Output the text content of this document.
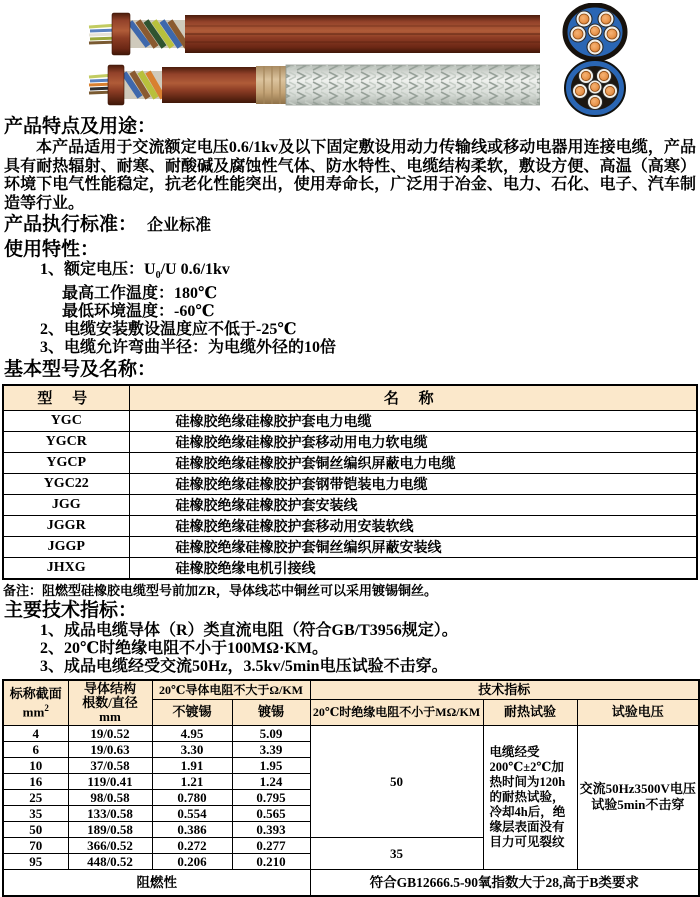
产品特点及用途：
本产品适用于交流额定电压0.6/1kv及以下固定敷设用动力传输线或移动电器用连接电缆，产品具有耐热辐射、耐寒、耐酸碱及腐蚀性气体、防水特性、电缆结构柔软，敷设方便、高温（高寒）环境下电气性能稳定，抗老化性能突出，使用寿命长，广泛用于冶金、电力、石化、电子、汽车制造等行业。
产品执行标准： 企业标准
使用特性：
1、额定电压：$U_0/U$ 0.6/1kv
最高工作温度：180℃
最低环境温度：-60℃
2、电缆安装敷设温度应不低于-25℃
3、电缆允许弯曲半径：为电缆外径的10倍
基本型号及名称：
型 号	名 称
YGC	硅橡胶绝缘硅橡胶护套电力电缆
YGCR	硅橡胶绝缘硅橡胶护套移动用电力软电缆
YGCP	硅橡胶绝缘硅橡胶护套铜丝编织屏蔽电力电缆
YGC22	硅橡胶绝缘硅橡胶护套钢带铠装电力电缆
JGG	硅橡胶绝缘硅橡胶护套安装线
JGGR	硅橡胶绝缘硅橡胶护套移动用安装软线
JGGP	硅橡胶绝缘硅橡胶护套铜丝编织屏蔽安装线
JHXG	硅橡胶绝缘电机引接线
备注：阻燃型硅橡胶电缆型号前加ZR，导体线芯中铜丝可以采用镀锡铜丝。
主要技术指标：
1、成品电缆导体（R）类直流电阻（符合GB/T3956规定）。
2、20℃时绝缘电阻不小于100MΩ·KM。
3、成品电缆经受交流50Hz，3.5kv/5min电压试验不击穿。
标称截面
$mm^2$

导体结构
根数/直径
mm
	20℃导体电阻不大于Ω/KM	技术指标
		不镀锡	镀锡	20℃时绝缘电阻不小于MΩ/KM	耐热试验	试验电压
4	19/0.52	4.95	5.09	50	电缆经受200℃±2℃加热时间为120h的耐热试验，冷却4h后，绝缘层表面没有目力可见裂纹	交流50Hz3500V电压试验5min不击穿
6	19/0.63	3.30	3.39			
10	37/0.58	1.91	1.95			
16	119/0.41	1.21	1.24			
25	98/0.58	0.780	0.795			
35	133/0.58	0.554	0.565			
50	189/0.58	0.386	0.393			
70	366/0.52	0.272	0.277	35		
95	448/0.52	0.206	0.210			
阻燃性				符合GB12666.5-90氧指数大于28,高于B类要求		
